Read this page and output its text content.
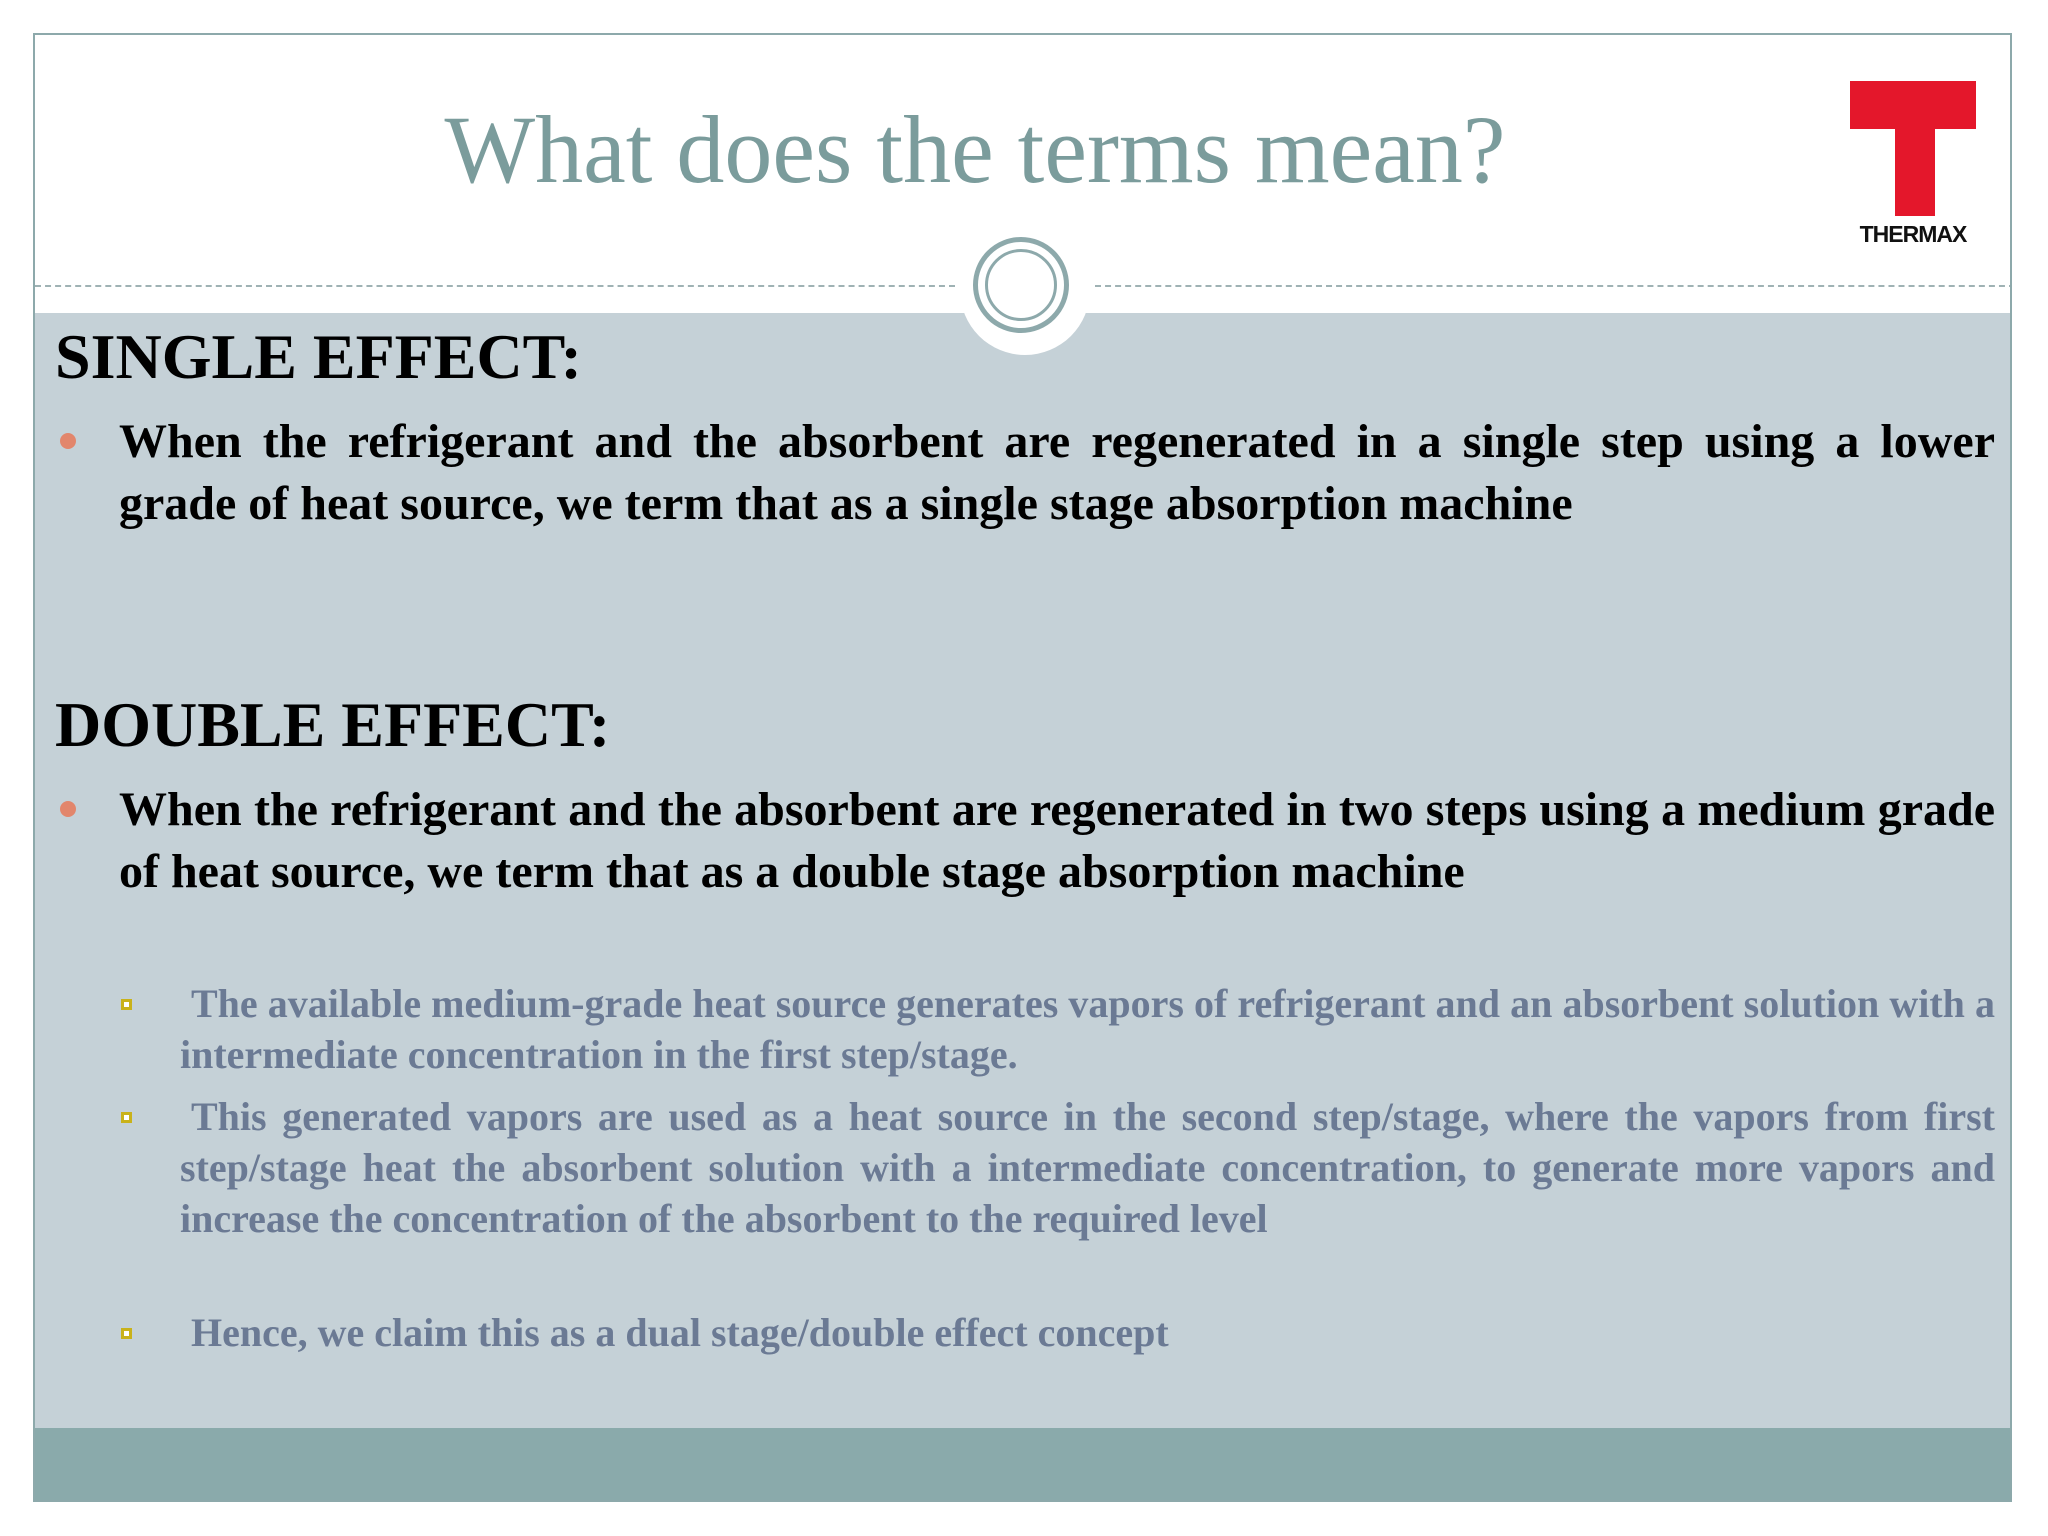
What does the terms mean?
THERMAX
SINGLE EFFECT:
When the refrigerant and the absorbent are regenerated in a single step using a lower grade of heat source, we term that as a single stage absorption machine
DOUBLE EFFECT:
When the refrigerant and the absorbent are regenerated in two steps using a medium grade of heat source, we term that as a double stage absorption machine
The available medium-grade heat source generates vapors of refrigerant and an absorbent solution with a intermediate concentration in the first step/stage.
This generated vapors are used as a heat source in the second step/stage, where the vapors from first step/stage heat the absorbent solution with a intermediate concentration, to generate more vapors and increase the concentration of the absorbent to the required level
Hence, we claim this as a dual stage/double effect concept
